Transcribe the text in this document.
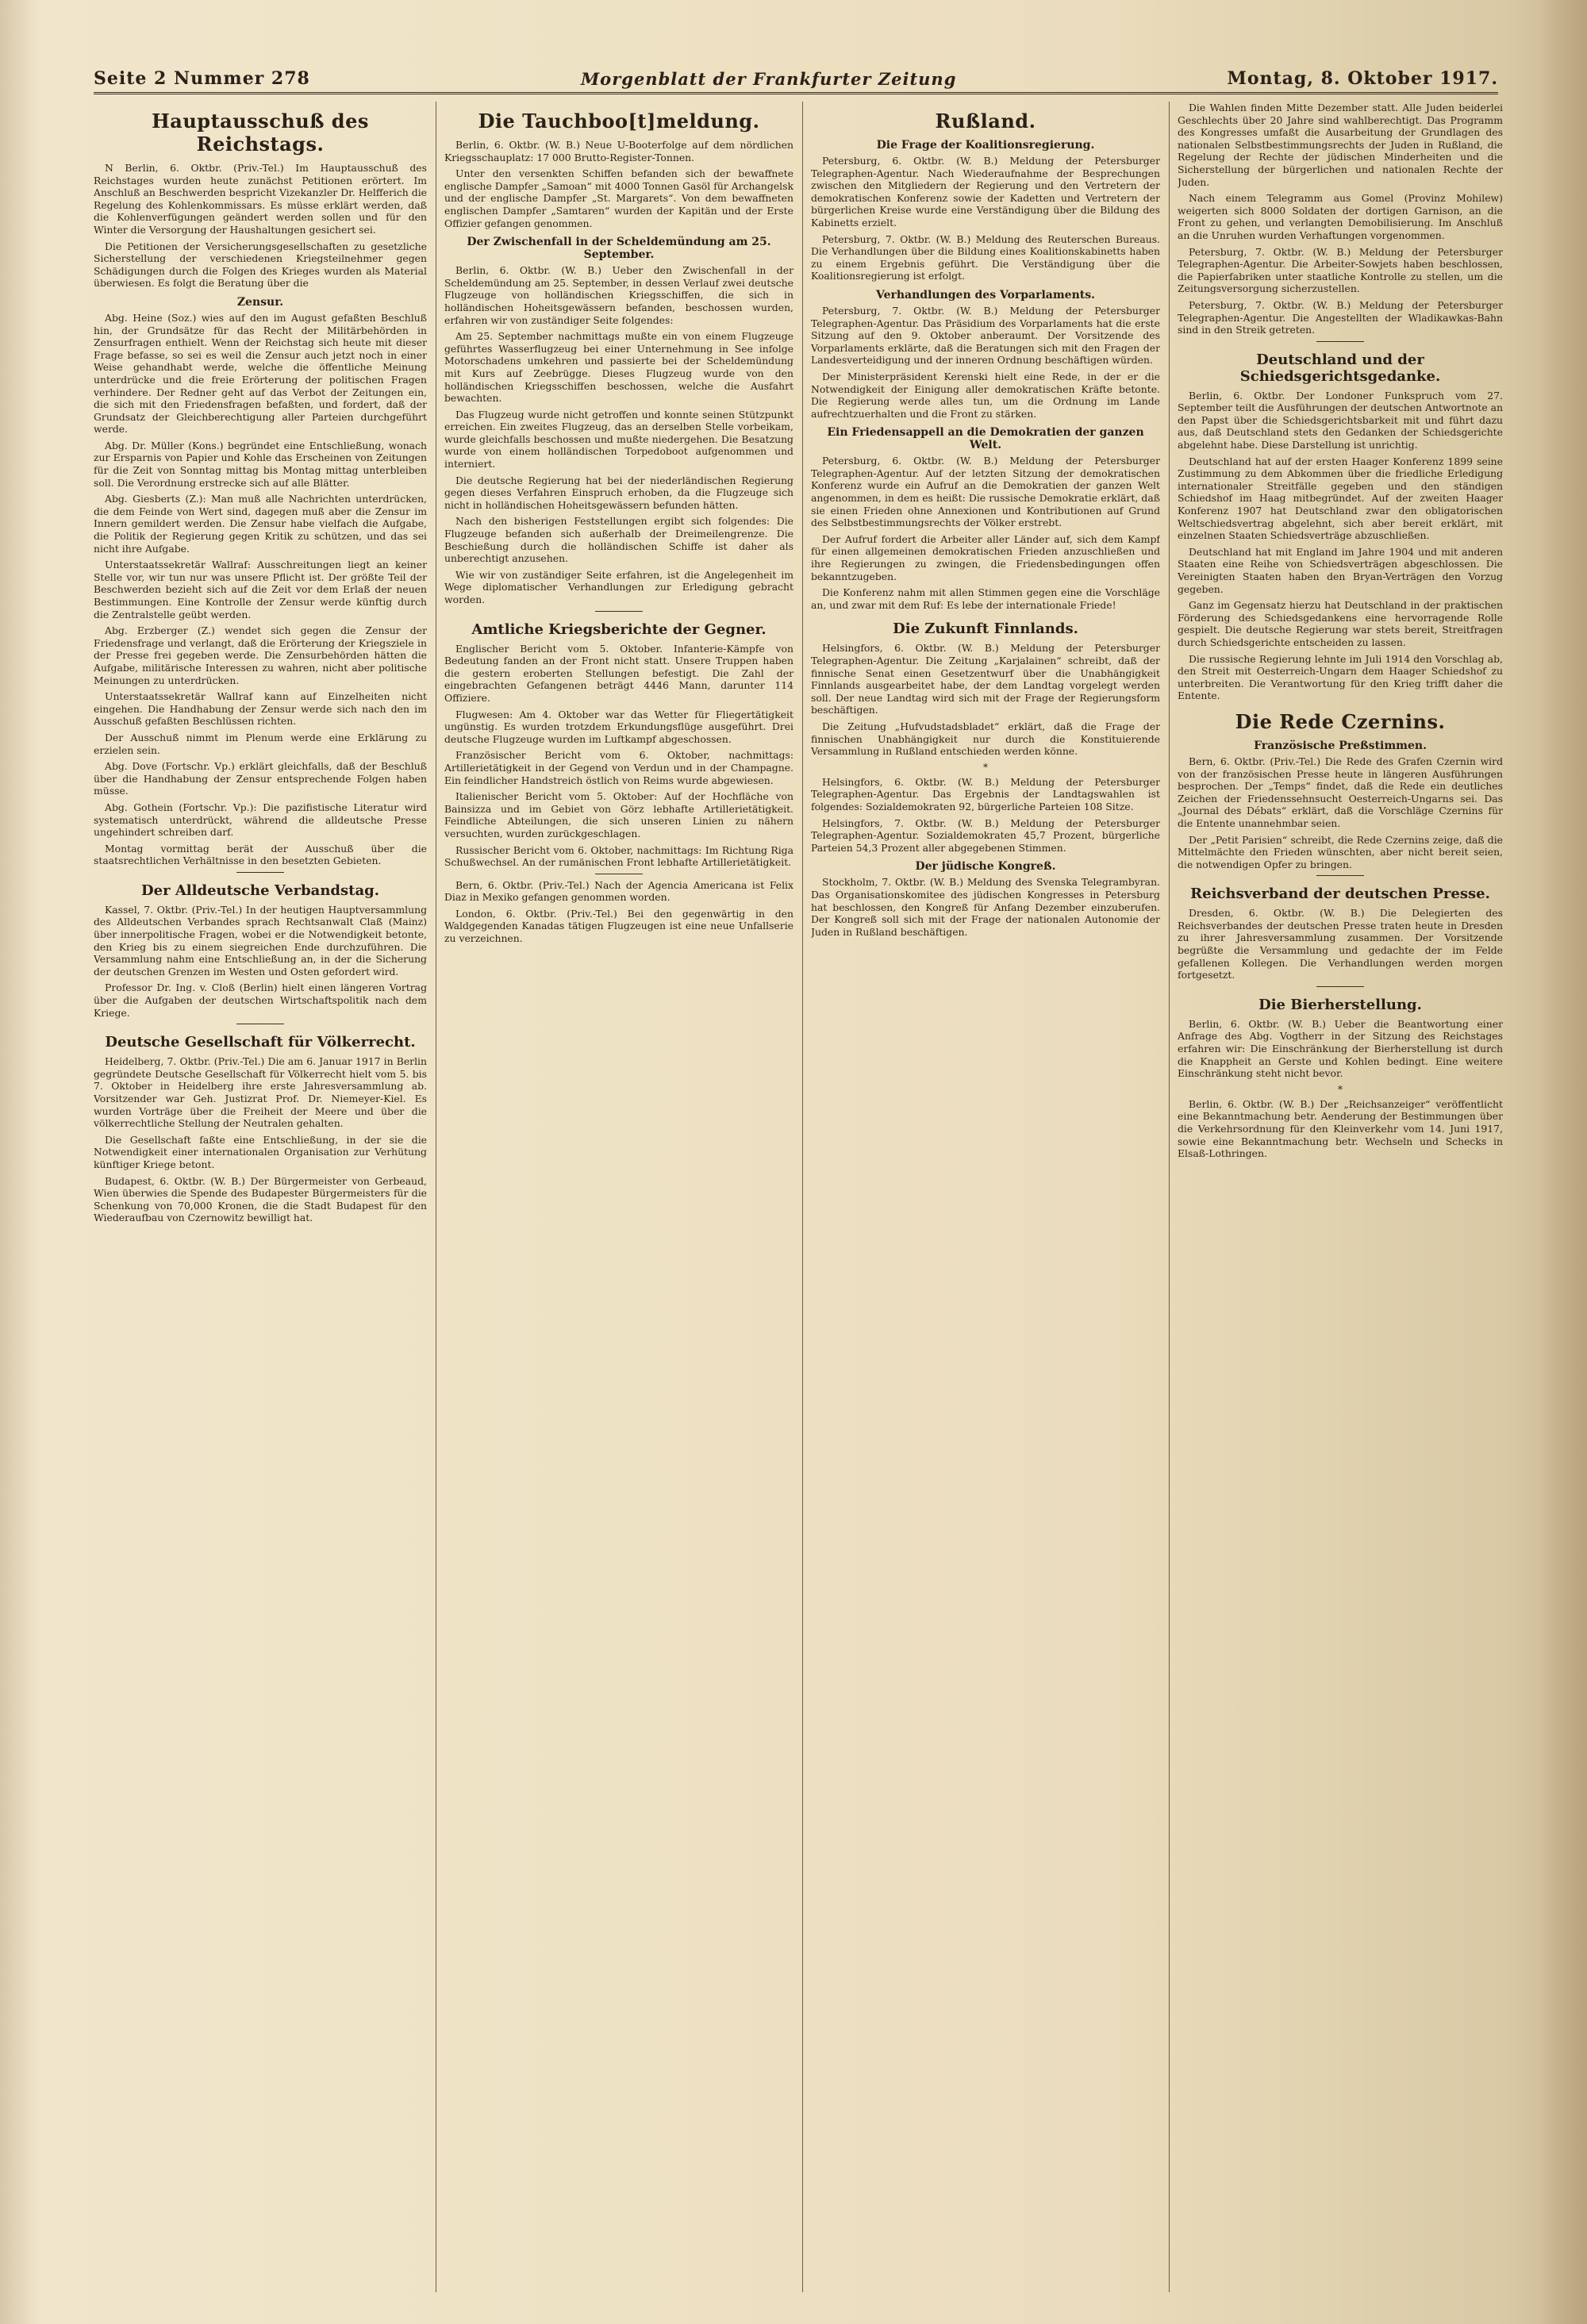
Seite 2 Nummer 278	Morgenblatt der Frankfurter Zeitung	Montag, 8. Oktober 1917.
Hauptausschuß des Reichstags.

N Berlin, 6. Oktbr. (Priv.-Tel.) Im Hauptausschuß des Reichstages wurden heute zunächst Petitionen erörtert. Im Anschluß an Beschwerden bespricht Vizekanzler Dr. Helfferich die Regelung des Kohlenkommissars. Es müsse erklärt werden, daß die Kohlenverfügungen geändert werden sollen und für den Winter die Versorgung der Haushaltungen gesichert sei.

Die Petitionen der Versicherungsgesellschaften zu gesetzliche Sicherstellung der verschiedenen Kriegsteilnehmer gegen Schädigungen durch die Folgen des Krieges wurden als Material überwiesen. Es folgt die Beratung über die

Zensur.

Abg. Heine (Soz.) wies auf den im August gefaßten Beschluß hin, der Grundsätze für das Recht der Militärbehörden in Zensurfragen enthielt. Wenn der Reichstag sich heute mit dieser Frage befasse, so sei es weil die Zensur auch jetzt noch in einer Weise gehandhabt werde, welche die öffentliche Meinung unterdrücke und die freie Erörterung der politischen Fragen verhindere. Der Redner geht auf das Verbot der Zeitungen ein, die sich mit den Friedensfragen befaßten, und fordert, daß der Grundsatz der Gleichberechtigung aller Parteien durchgeführt werde.

Abg. Dr. Müller (Kons.) begründet eine Entschließung, wonach zur Ersparnis von Papier und Kohle das Erscheinen von Zeitungen für die Zeit von Sonntag mittag bis Montag mittag unterbleiben soll. Die Verordnung erstrecke sich auf alle Blätter.

Abg. Giesberts (Z.): Man muß alle Nachrichten unterdrücken, die dem Feinde von Wert sind, dagegen muß aber die Zensur im Innern gemildert werden. Die Zensur habe vielfach die Aufgabe, die Politik der Regierung gegen Kritik zu schützen, und das sei nicht ihre Aufgabe.

Unterstaatssekretär Wallraf: Ausschreitungen liegt an keiner Stelle vor, wir tun nur was unsere Pflicht ist. Der größte Teil der Beschwerden bezieht sich auf die Zeit vor dem Erlaß der neuen Bestimmungen. Eine Kontrolle der Zensur werde künftig durch die Zentralstelle geübt werden.

Abg. Erzberger (Z.) wendet sich gegen die Zensur der Friedensfrage und verlangt, daß die Erörterung der Kriegsziele in der Presse frei gegeben werde. Die Zensurbehörden hätten die Aufgabe, militärische Interessen zu wahren, nicht aber politische Meinungen zu unterdrücken.

Unterstaatssekretär Wallraf kann auf Einzelheiten nicht eingehen. Die Handhabung der Zensur werde sich nach den im Ausschuß gefaßten Beschlüssen richten.

Der Ausschuß nimmt im Plenum werde eine Erklärung zu erzielen sein.

Abg. Dove (Fortschr. Vp.) erklärt gleichfalls, daß der Beschluß über die Handhabung der Zensur entsprechende Folgen haben müsse.

Abg. Gothein (Fortschr. Vp.): Die pazifistische Literatur wird systematisch unterdrückt, während die alldeutsche Presse ungehindert schreiben darf.

Montag vormittag berät der Ausschuß über die staatsrechtlichen Verhältnisse in den besetzten Gebieten.

Der Alldeutsche Verbandstag.

Kassel, 7. Oktbr. (Priv.-Tel.) In der heutigen Hauptversammlung des Alldeutschen Verbandes sprach Rechtsanwalt Claß (Mainz) über innerpolitische Fragen, wobei er die Notwendigkeit betonte, den Krieg bis zu einem siegreichen Ende durchzuführen. Die Versammlung nahm eine Entschließung an, in der die Sicherung der deutschen Grenzen im Westen und Osten gefordert wird.

Professor Dr. Ing. v. Cloß (Berlin) hielt einen längeren Vortrag über die Aufgaben der deutschen Wirtschaftspolitik nach dem Kriege.

Deutsche Gesellschaft für Völkerrecht.

Heidelberg, 7. Oktbr. (Priv.-Tel.) Die am 6. Januar 1917 in Berlin gegründete Deutsche Gesellschaft für Völkerrecht hielt vom 5. bis 7. Oktober in Heidelberg ihre erste Jahresversammlung ab. Vorsitzender war Geh. Justizrat Prof. Dr. Niemeyer-Kiel. Es wurden Vorträge über die Freiheit der Meere und über die völkerrechtliche Stellung der Neutralen gehalten.

Die Gesellschaft faßte eine Entschließung, in der sie die Notwendigkeit einer internationalen Organisation zur Verhütung künftiger Kriege betont.

Budapest, 6. Oktbr. (W. B.) Der Bürgermeister von Gerbeaud, Wien überwies die Spende des Budapester Bürgermeisters für die Schenkung von 70,000 Kronen, die die Stadt Budapest für den Wiederaufbau von Czernowitz bewilligt hat.

Die Tauchboo[t]meldung.

Berlin, 6. Oktbr. (W. B.) Neue U-Booterfolge auf dem nördlichen Kriegsschauplatz: 17 000 Brutto-Register-Tonnen.

Unter den versenkten Schiffen befanden sich der bewaffnete englische Dampfer „Samoan“ mit 4000 Tonnen Gasöl für Archangelsk und der englische Dampfer „St. Margarets“. Von dem bewaffneten englischen Dampfer „Samtaren“ wurden der Kapitän und der Erste Offizier gefangen genommen.

Der Zwischenfall in der Scheldemündung am 25. September.

Berlin, 6. Oktbr. (W. B.) Ueber den Zwischenfall in der Scheldemündung am 25. September, in dessen Verlauf zwei deutsche Flugzeuge von holländischen Kriegsschiffen, die sich in holländischen Hoheitsgewässern befanden, beschossen wurden, erfahren wir von zuständiger Seite folgendes:

Am 25. September nachmittags mußte ein von einem Flugzeuge geführtes Wasserflugzeug bei einer Unternehmung in See infolge Motorschadens umkehren und passierte bei der Scheldemündung mit Kurs auf Zeebrügge. Dieses Flugzeug wurde von den holländischen Kriegsschiffen beschossen, welche die Ausfahrt bewachten.

Das Flugzeug wurde nicht getroffen und konnte seinen Stützpunkt erreichen. Ein zweites Flugzeug, das an derselben Stelle vorbeikam, wurde gleichfalls beschossen und mußte niedergehen. Die Besatzung wurde von einem holländischen Torpedoboot aufgenommen und interniert.

Die deutsche Regierung hat bei der niederländischen Regierung gegen dieses Verfahren Einspruch erhoben, da die Flugzeuge sich nicht in holländischen Hoheitsgewässern befunden hätten.

Nach den bisherigen Feststellungen ergibt sich folgendes: Die Flugzeuge befanden sich außerhalb der Dreimeilengrenze. Die Beschießung durch die holländischen Schiffe ist daher als unberechtigt anzusehen.

Wie wir von zuständiger Seite erfahren, ist die Angelegenheit im Wege diplomatischer Verhandlungen zur Erledigung gebracht worden.

Amtliche Kriegsberichte der Gegner.

Englischer Bericht vom 5. Oktober. Infanterie-Kämpfe von Bedeutung fanden an der Front nicht statt. Unsere Truppen haben die gestern eroberten Stellungen befestigt. Die Zahl der eingebrachten Gefangenen beträgt 4446 Mann, darunter 114 Offiziere.

Flugwesen: Am 4. Oktober war das Wetter für Fliegertätigkeit ungünstig. Es wurden trotzdem Erkundungsflüge ausgeführt. Drei deutsche Flugzeuge wurden im Luftkampf abgeschossen.

Französischer Bericht vom 6. Oktober, nachmittags: Artillerietätigkeit in der Gegend von Verdun und in der Champagne. Ein feindlicher Handstreich östlich von Reims wurde abgewiesen.

Italienischer Bericht vom 5. Oktober: Auf der Hochfläche von Bainsizza und im Gebiet von Görz lebhafte Artillerietätigkeit. Feindliche Abteilungen, die sich unseren Linien zu nähern versuchten, wurden zurückgeschlagen.

Russischer Bericht vom 6. Oktober, nachmittags: Im Richtung Riga Schußwechsel. An der rumänischen Front lebhafte Artillerietätigkeit.

Bern, 6. Oktbr. (Priv.-Tel.) Nach der Agencia Americana ist Felix Diaz in Mexiko gefangen genommen worden.

London, 6. Oktbr. (Priv.-Tel.) Bei den gegenwärtig in den Waldgegenden Kanadas tätigen Flugzeugen ist eine neue Unfallserie zu verzeichnen.

Rußland.
Die Frage der Koalitionsregierung.

Petersburg, 6. Oktbr. (W. B.) Meldung der Petersburger Telegraphen-Agentur. Nach Wiederaufnahme der Besprechungen zwischen den Mitgliedern der Regierung und den Vertretern der demokratischen Konferenz sowie der Kadetten und Vertretern der bürgerlichen Kreise wurde eine Verständigung über die Bildung des Kabinetts erzielt.

Petersburg, 7. Oktbr. (W. B.) Meldung des Reuterschen Bureaus. Die Verhandlungen über die Bildung eines Koalitionskabinetts haben zu einem Ergebnis geführt. Die Verständigung über die Koalitionsregierung ist erfolgt.

Verhandlungen des Vorparlaments.

Petersburg, 7. Oktbr. (W. B.) Meldung der Petersburger Telegraphen-Agentur. Das Präsidium des Vorparlaments hat die erste Sitzung auf den 9. Oktober anberaumt. Der Vorsitzende des Vorparlaments erklärte, daß die Beratungen sich mit den Fragen der Landesverteidigung und der inneren Ordnung beschäftigen würden.

Der Ministerpräsident Kerenski hielt eine Rede, in der er die Notwendigkeit der Einigung aller demokratischen Kräfte betonte. Die Regierung werde alles tun, um die Ordnung im Lande aufrechtzuerhalten und die Front zu stärken.

Ein Friedensappell an die Demokratien der ganzen Welt.

Petersburg, 6. Oktbr. (W. B.) Meldung der Petersburger Telegraphen-Agentur. Auf der letzten Sitzung der demokratischen Konferenz wurde ein Aufruf an die Demokratien der ganzen Welt angenommen, in dem es heißt: Die russische Demokratie erklärt, daß sie einen Frieden ohne Annexionen und Kontributionen auf Grund des Selbstbestimmungsrechts der Völker erstrebt.

Der Aufruf fordert die Arbeiter aller Länder auf, sich dem Kampf für einen allgemeinen demokratischen Frieden anzuschließen und ihre Regierungen zu zwingen, die Friedensbedingungen offen bekanntzugeben.

Die Konferenz nahm mit allen Stimmen gegen eine die Vorschläge an, und zwar mit dem Ruf: Es lebe der internationale Friede!

Die Zukunft Finnlands.

Helsingfors, 6. Oktbr. (W. B.) Meldung der Petersburger Telegraphen-Agentur. Die Zeitung „Karjalainen“ schreibt, daß der finnische Senat einen Gesetzentwurf über die Unabhängigkeit Finnlands ausgearbeitet habe, der dem Landtag vorgelegt werden soll. Der neue Landtag wird sich mit der Frage der Regierungsform beschäftigen.

Die Zeitung „Hufvudstadsbladet“ erklärt, daß die Frage der finnischen Unabhängigkeit nur durch die Konstituierende Versammlung in Rußland entschieden werden könne.

*

Helsingfors, 6. Oktbr. (W. B.) Meldung der Petersburger Telegraphen-Agentur. Das Ergebnis der Landtagswahlen ist folgendes: Sozialdemokraten 92, bürgerliche Parteien 108 Sitze.

Helsingfors, 7. Oktbr. (W. B.) Meldung der Petersburger Telegraphen-Agentur. Sozialdemokraten 45,7 Prozent, bürgerliche Parteien 54,3 Prozent aller abgegebenen Stimmen.

Der jüdische Kongreß.

Stockholm, 7. Oktbr. (W. B.) Meldung des Svenska Telegrambyran. Das Organisationskomitee des jüdischen Kongresses in Petersburg hat beschlossen, den Kongreß für Anfang Dezember einzuberufen. Der Kongreß soll sich mit der Frage der nationalen Autonomie der Juden in Rußland beschäftigen.

Die Wahlen finden Mitte Dezember statt. Alle Juden beiderlei Geschlechts über 20 Jahre sind wahlberechtigt. Das Programm des Kongresses umfaßt die Ausarbeitung der Grundlagen des nationalen Selbstbestimmungsrechts der Juden in Rußland, die Regelung der Rechte der jüdischen Minderheiten und die Sicherstellung der bürgerlichen und nationalen Rechte der Juden.

Nach einem Telegramm aus Gomel (Provinz Mohilew) weigerten sich 8000 Soldaten der dortigen Garnison, an die Front zu gehen, und verlangten Demobilisierung. Im Anschluß an die Unruhen wurden Verhaftungen vorgenommen.

Petersburg, 7. Oktbr. (W. B.) Meldung der Petersburger Telegraphen-Agentur. Die Arbeiter-Sowjets haben beschlossen, die Papierfabriken unter staatliche Kontrolle zu stellen, um die Zeitungsversorgung sicherzustellen.

Petersburg, 7. Oktbr. (W. B.) Meldung der Petersburger Telegraphen-Agentur. Die Angestellten der Wladikawkas-Bahn sind in den Streik getreten.

Deutschland und der Schiedsgerichtsgedanke.

Berlin, 6. Oktbr. Der Londoner Funkspruch vom 27. September teilt die Ausführungen der deutschen Antwortnote an den Papst über die Schiedsgerichtsbarkeit mit und führt dazu aus, daß Deutschland stets den Gedanken der Schiedsgerichte abgelehnt habe. Diese Darstellung ist unrichtig.

Deutschland hat auf der ersten Haager Konferenz 1899 seine Zustimmung zu dem Abkommen über die friedliche Erledigung internationaler Streitfälle gegeben und den ständigen Schiedshof im Haag mitbegründet. Auf der zweiten Haager Konferenz 1907 hat Deutschland zwar den obligatorischen Weltschiedsvertrag abgelehnt, sich aber bereit erklärt, mit einzelnen Staaten Schiedsverträge abzuschließen.

Deutschland hat mit England im Jahre 1904 und mit anderen Staaten eine Reihe von Schiedsverträgen abgeschlossen. Die Vereinigten Staaten haben den Bryan-Verträgen den Vorzug gegeben.

Ganz im Gegensatz hierzu hat Deutschland in der praktischen Förderung des Schiedsgedankens eine hervorragende Rolle gespielt. Die deutsche Regierung war stets bereit, Streitfragen durch Schiedsgerichte entscheiden zu lassen.

Die russische Regierung lehnte im Juli 1914 den Vorschlag ab, den Streit mit Oesterreich-Ungarn dem Haager Schiedshof zu unterbreiten. Die Verantwortung für den Krieg trifft daher die Entente.

Die Rede Czernins.
Französische Preßstimmen.

Bern, 6. Oktbr. (Priv.-Tel.) Die Rede des Grafen Czernin wird von der französischen Presse heute in längeren Ausführungen besprochen. Der „Temps“ findet, daß die Rede ein deutliches Zeichen der Friedenssehnsucht Oesterreich-Ungarns sei. Das „Journal des Débats“ erklärt, daß die Vorschläge Czernins für die Entente unannehmbar seien.

Der „Petit Parisien“ schreibt, die Rede Czernins zeige, daß die Mittelmächte den Frieden wünschten, aber nicht bereit seien, die notwendigen Opfer zu bringen.

Reichsverband der deutschen Presse.

Dresden, 6. Oktbr. (W. B.) Die Delegierten des Reichsverbandes der deutschen Presse traten heute in Dresden zu ihrer Jahresversammlung zusammen. Der Vorsitzende begrüßte die Versammlung und gedachte der im Felde gefallenen Kollegen. Die Verhandlungen werden morgen fortgesetzt.

Die Bierherstellung.

Berlin, 6. Oktbr. (W. B.) Ueber die Beantwortung einer Anfrage des Abg. Vogtherr in der Sitzung des Reichstages erfahren wir: Die Einschränkung der Bierherstellung ist durch die Knappheit an Gerste und Kohlen bedingt. Eine weitere Einschränkung steht nicht bevor.

*

Berlin, 6. Oktbr. (W. B.) Der „Reichsanzeiger“ veröffentlicht eine Bekanntmachung betr. Aenderung der Bestimmungen über die Verkehrsordnung für den Kleinverkehr vom 14. Juni 1917, sowie eine Bekanntmachung betr. Wechseln und Schecks in Elsaß-Lothringen.
